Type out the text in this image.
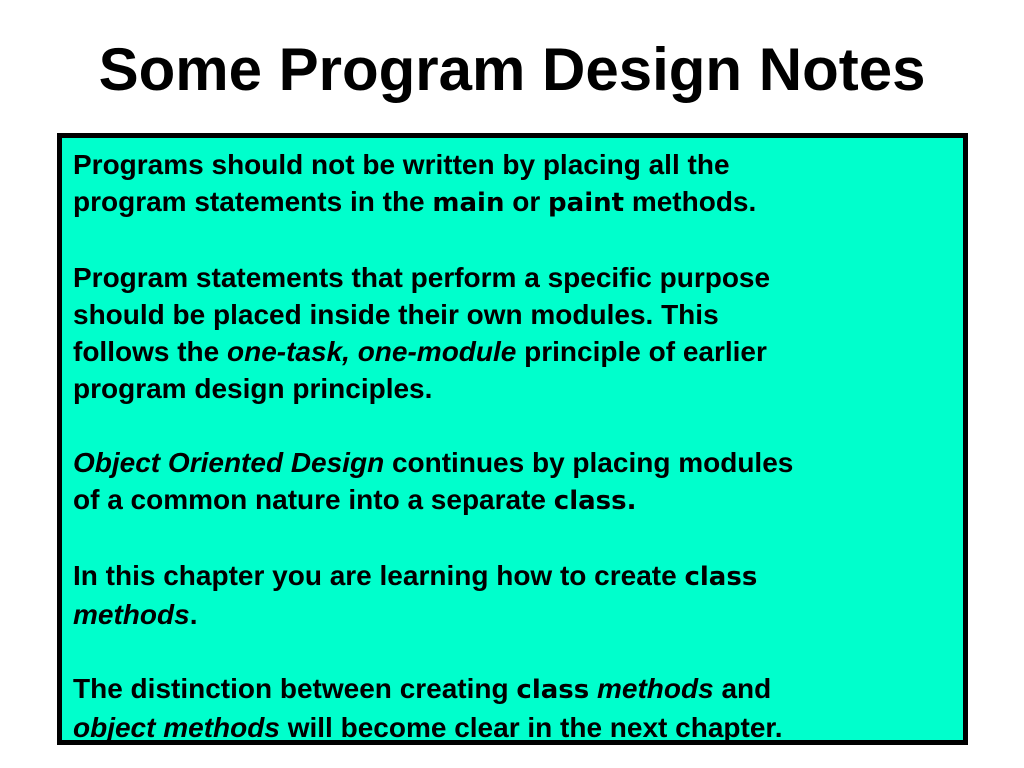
Some Program Design Notes

Programs should not be written by placing all the
program statements in the main or paint methods.

Program statements that perform a specific purpose
should be placed inside their own modules. This
follows the one-task, one-module principle of earlier
program design principles.

Object Oriented Design continues by placing modules
of a common nature into a separate class.

In this chapter you are learning how to create class
methods.

The distinction between creating class methods and
object methods will become clear in the next chapter.
